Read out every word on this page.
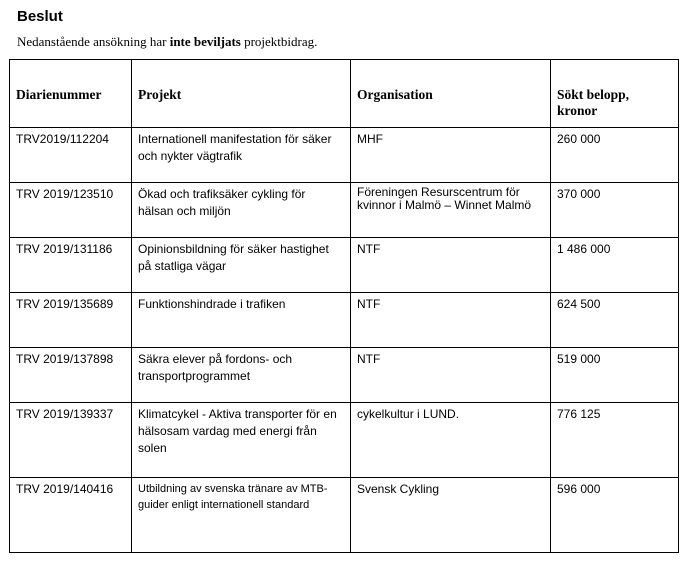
Beslut

Nedanstående ansökning har inte beviljats projektbidrag.

Diarienummer	Projekt	Organisation	Sökt belopp, kronor
TRV2019/112204	Internationell manifestation för säker och nykter vägtrafik	MHF	260 000
TRV 2019/123510	Ökad och trafiksäker cykling för hälsan och miljön	Föreningen Resurscentrum för kvinnor i Malmö – Winnet Malmö	370 000
TRV 2019/131186	Opinionsbildning för säker hastighet på statliga vägar	NTF	1 486 000
TRV 2019/135689	Funktionshindrade i trafiken	NTF	624 500
TRV 2019/137898	Säkra elever på fordons- och transportprogrammet	NTF	519 000
TRV 2019/139337	Klimatcykel - Aktiva transporter för en hälsosam vardag med energi från solen	cykelkultur i LUND.	776 125
TRV 2019/140416	Utbildning av svenska tränare av MTB-guider enligt internationell standard	Svensk Cykling	596 000
